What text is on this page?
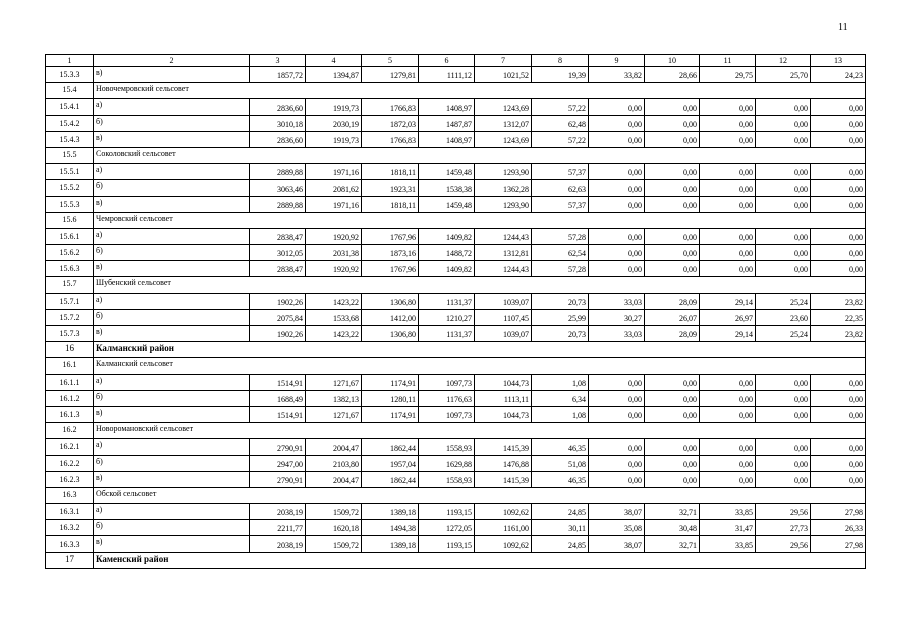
11
1	2	3	4	5	6	7	8	9	10	11	12	13
15.3.3	в)	1857,72	1394,87	1279,81	1111,12	1021,52	19,39	33,82	28,66	29,75	25,70	24,23
15.4	Новочемровский сельсовет											
15.4.1	а)	2836,60	1919,73	1766,83	1408,97	1243,69	57,22	0,00	0,00	0,00	0,00	0,00
15.4.2	б)	3010,18	2030,19	1872,03	1487,87	1312,07	62,48	0,00	0,00	0,00	0,00	0,00
15.4.3	в)	2836,60	1919,73	1766,83	1408,97	1243,69	57,22	0,00	0,00	0,00	0,00	0,00
15.5	Соколовский сельсовет											
15.5.1	а)	2889,88	1971,16	1818,11	1459,48	1293,90	57,37	0,00	0,00	0,00	0,00	0,00
15.5.2	б)	3063,46	2081,62	1923,31	1538,38	1362,28	62,63	0,00	0,00	0,00	0,00	0,00
15.5.3	в)	2889,88	1971,16	1818,11	1459,48	1293,90	57,37	0,00	0,00	0,00	0,00	0,00
15.6	Чемровский сельсовет											
15.6.1	а)	2838,47	1920,92	1767,96	1409,82	1244,43	57,28	0,00	0,00	0,00	0,00	0,00
15.6.2	б)	3012,05	2031,38	1873,16	1488,72	1312,81	62,54	0,00	0,00	0,00	0,00	0,00
15.6.3	в)	2838,47	1920,92	1767,96	1409,82	1244,43	57,28	0,00	0,00	0,00	0,00	0,00
15.7	Шубенский сельсовет											
15.7.1	а)	1902,26	1423,22	1306,80	1131,37	1039,07	20,73	33,03	28,09	29,14	25,24	23,82
15.7.2	б)	2075,84	1533,68	1412,00	1210,27	1107,45	25,99	30,27	26,07	26,97	23,60	22,35
15.7.3	в)	1902,26	1423,22	1306,80	1131,37	1039,07	20,73	33,03	28,09	29,14	25,24	23,82
16	Калманский район											
16.1	Калманский сельсовет											
16.1.1	а)	1514,91	1271,67	1174,91	1097,73	1044,73	1,08	0,00	0,00	0,00	0,00	0,00
16.1.2	б)	1688,49	1382,13	1280,11	1176,63	1113,11	6,34	0,00	0,00	0,00	0,00	0,00
16.1.3	в)	1514,91	1271,67	1174,91	1097,73	1044,73	1,08	0,00	0,00	0,00	0,00	0,00
16.2	Новоромановский сельсовет											
16.2.1	а)	2790,91	2004,47	1862,44	1558,93	1415,39	46,35	0,00	0,00	0,00	0,00	0,00
16.2.2	б)	2947,00	2103,80	1957,04	1629,88	1476,88	51,08	0,00	0,00	0,00	0,00	0,00
16.2.3	в)	2790,91	2004,47	1862,44	1558,93	1415,39	46,35	0,00	0,00	0,00	0,00	0,00
16.3	Обской сельсовет											
16.3.1	а)	2038,19	1509,72	1389,18	1193,15	1092,62	24,85	38,07	32,71	33,85	29,56	27,98
16.3.2	б)	2211,77	1620,18	1494,38	1272,05	1161,00	30,11	35,08	30,48	31,47	27,73	26,33
16.3.3	в)	2038,19	1509,72	1389,18	1193,15	1092,62	24,85	38,07	32,71	33,85	29,56	27,98
17	Каменский район											
